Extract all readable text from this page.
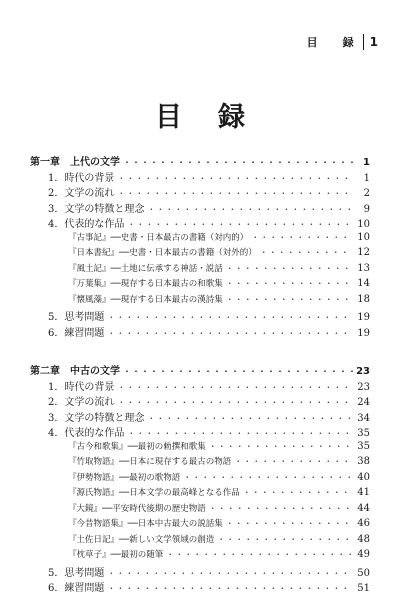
目　録 1
目録
第一章　上代の文学 ・・・・・・・・・・・・・・・・・・・・・・・・・・・・・・・・・・・・・・・・・・・・・・・・・・・・・・・・・・・・・・・・	1
1．時代の背景 ・・・・・・・・・・・・・・・・・・・・・・・・・・・・・・・・・・・・・・・・・・・・・・・・・・・・・・・・・・・・・・・・	1
2．文学の流れ ・・・・・・・・・・・・・・・・・・・・・・・・・・・・・・・・・・・・・・・・・・・・・・・・・・・・・・・・・・・・・・・・	2
3．文学の特徴と理念 ・・・・・・・・・・・・・・・・・・・・・・・・・・・・・・・・・・・・・・・・・・・・・・・・・・・・・・・・・・・・・・・・	9
4．代表的な作品 ・・・・・・・・・・・・・・・・・・・・・・・・・・・・・・・・・・・・・・・・・・・・・・・・・・・・・・・・・・・・・・・・	10
『古事記』──史書・日本最古の書籍（対内的） ・・・・・・・・・・・・・・・・・・・・・・・・・・・・・・・・・・・・・・・・・・・・・・・・・・・・・・・・・・・・・・・・	10
『日本書紀』──史書・日本最古の書籍（対外的） ・・・・・・・・・・・・・・・・・・・・・・・・・・・・・・・・・・・・・・・・・・・・・・・・・・・・・・・・・・・・・・・・	12
『風土記』──土地に伝承する神話・説話 ・・・・・・・・・・・・・・・・・・・・・・・・・・・・・・・・・・・・・・・・・・・・・・・・・・・・・・・・・・・・・・・・	13
『万葉集』──現存する日本最古の和歌集 ・・・・・・・・・・・・・・・・・・・・・・・・・・・・・・・・・・・・・・・・・・・・・・・・・・・・・・・・・・・・・・・・	14
『懐風藻』──現存する日本最古の漢詩集 ・・・・・・・・・・・・・・・・・・・・・・・・・・・・・・・・・・・・・・・・・・・・・・・・・・・・・・・・・・・・・・・・	18
5．思考問題 ・・・・・・・・・・・・・・・・・・・・・・・・・・・・・・・・・・・・・・・・・・・・・・・・・・・・・・・・・・・・・・・・	19
6．練習問題 ・・・・・・・・・・・・・・・・・・・・・・・・・・・・・・・・・・・・・・・・・・・・・・・・・・・・・・・・・・・・・・・・	19
第二章　中古の文学 ・・・・・・・・・・・・・・・・・・・・・・・・・・・・・・・・・・・・・・・・・・・・・・・・・・・・・・・・・・・・・・・・	23
1．時代の背景 ・・・・・・・・・・・・・・・・・・・・・・・・・・・・・・・・・・・・・・・・・・・・・・・・・・・・・・・・・・・・・・・・	23
2．文学の流れ ・・・・・・・・・・・・・・・・・・・・・・・・・・・・・・・・・・・・・・・・・・・・・・・・・・・・・・・・・・・・・・・・	24
3．文学の特徴と理念 ・・・・・・・・・・・・・・・・・・・・・・・・・・・・・・・・・・・・・・・・・・・・・・・・・・・・・・・・・・・・・・・・	34
4．代表的な作品 ・・・・・・・・・・・・・・・・・・・・・・・・・・・・・・・・・・・・・・・・・・・・・・・・・・・・・・・・・・・・・・・・	35
『古今和歌集』──最初の勅撰和歌集 ・・・・・・・・・・・・・・・・・・・・・・・・・・・・・・・・・・・・・・・・・・・・・・・・・・・・・・・・・・・・・・・・	35
『竹取物語』──日本に現存する最古の物語 ・・・・・・・・・・・・・・・・・・・・・・・・・・・・・・・・・・・・・・・・・・・・・・・・・・・・・・・・・・・・・・・・	38
『伊勢物語』──最初の歌物語 ・・・・・・・・・・・・・・・・・・・・・・・・・・・・・・・・・・・・・・・・・・・・・・・・・・・・・・・・・・・・・・・・	40
『源氏物語』──日本文学の最高峰となる作品 ・・・・・・・・・・・・・・・・・・・・・・・・・・・・・・・・・・・・・・・・・・・・・・・・・・・・・・・・・・・・・・・・	41
『大鏡』──平安時代後期の歴史物語 ・・・・・・・・・・・・・・・・・・・・・・・・・・・・・・・・・・・・・・・・・・・・・・・・・・・・・・・・・・・・・・・・	44
『今昔物語集』──日本中古最大の説話集 ・・・・・・・・・・・・・・・・・・・・・・・・・・・・・・・・・・・・・・・・・・・・・・・・・・・・・・・・・・・・・・・・	46
『土佐日記』──新しい文学領域の創造 ・・・・・・・・・・・・・・・・・・・・・・・・・・・・・・・・・・・・・・・・・・・・・・・・・・・・・・・・・・・・・・・・	48
『枕草子』──最初の随筆 ・・・・・・・・・・・・・・・・・・・・・・・・・・・・・・・・・・・・・・・・・・・・・・・・・・・・・・・・・・・・・・・・	49
5．思考問題 ・・・・・・・・・・・・・・・・・・・・・・・・・・・・・・・・・・・・・・・・・・・・・・・・・・・・・・・・・・・・・・・・	50
6．練習問題 ・・・・・・・・・・・・・・・・・・・・・・・・・・・・・・・・・・・・・・・・・・・・・・・・・・・・・・・・・・・・・・・・	51
